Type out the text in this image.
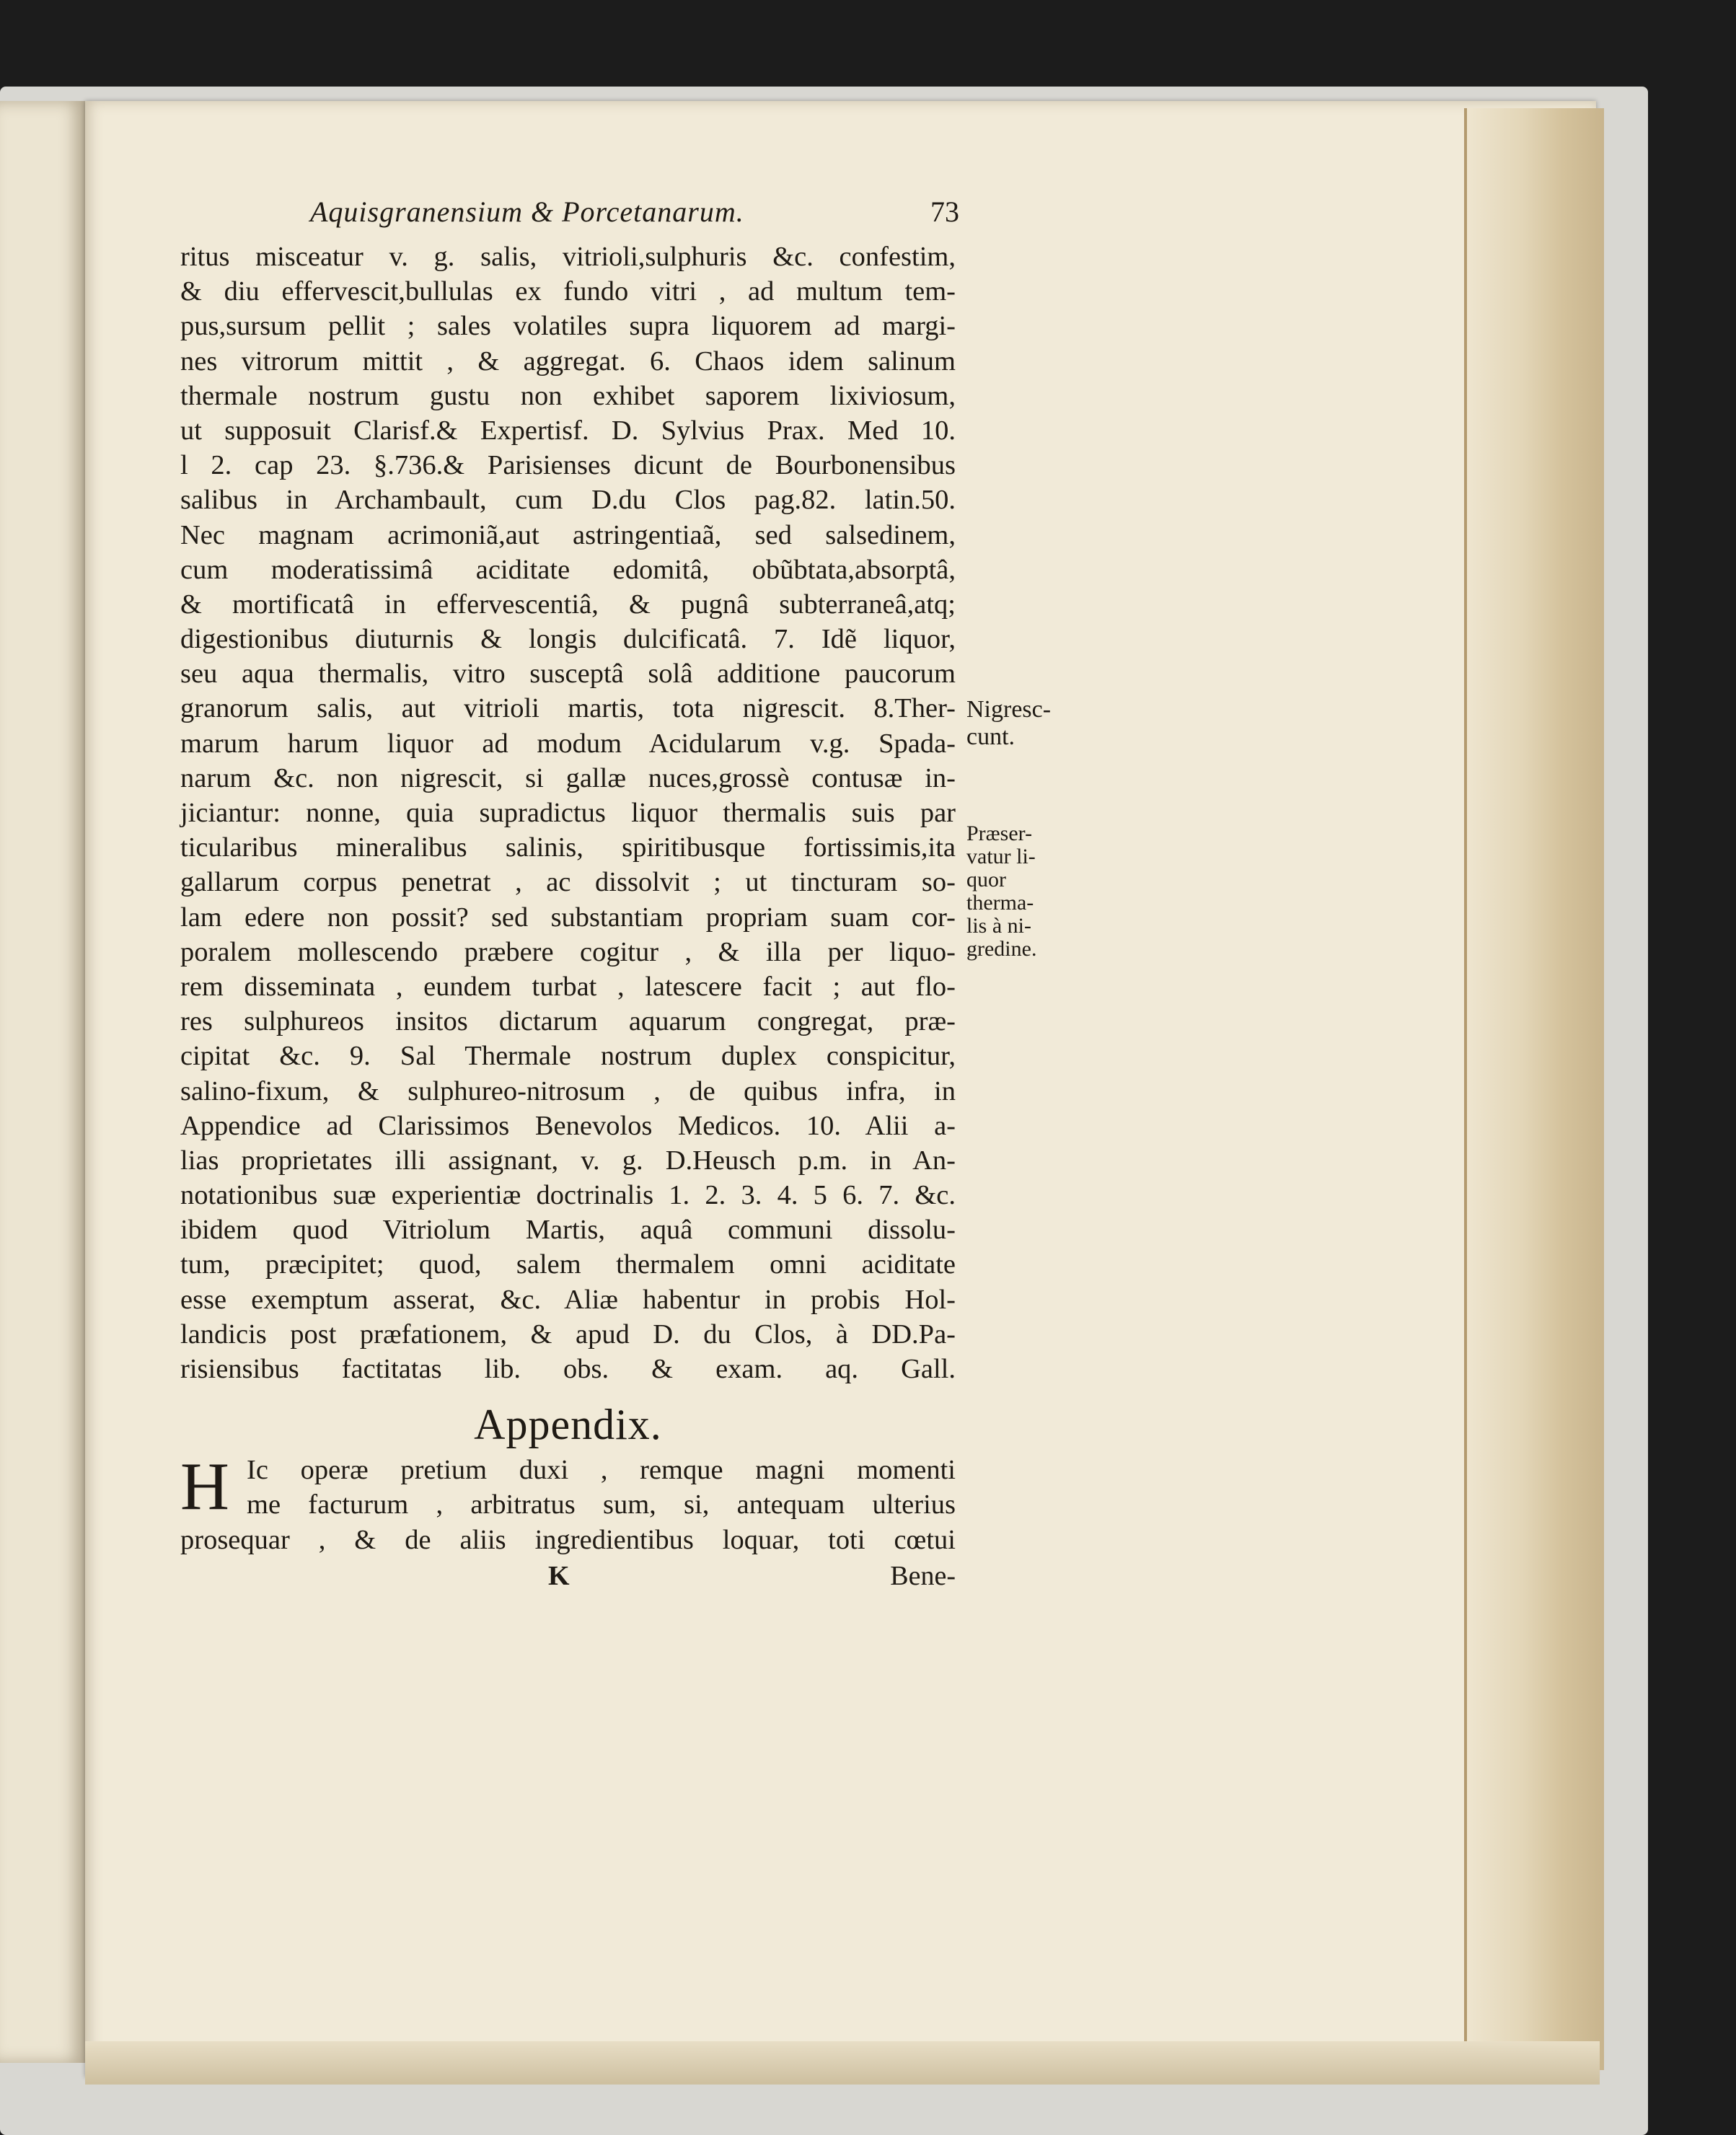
Aquisgranensium & Porcetanarum.	73
ritus misceatur v. g. salis, vitrioli,sulphuris &c. confestim,
& diu effervescit,bullulas ex fundo vitri , ad multum tem-
pus,sursum pellit ; sales volatiles supra liquorem ad margi-
nes vitrorum mittit , & aggregat. 6. Chaos idem salinum
thermale nostrum gustu non exhibet saporem lixiviosum,
ut supposuit Clarisf.& Expertisf. D. Sylvius Prax. Med 10.
l 2. cap 23. §.736.& Parisienses dicunt de Bourbonensibus
salibus in Archambault, cum D.du Clos pag.82. latin.50.
Nec magnam acrimoniã,aut astringentiaã, sed salsedinem,
cum moderatissimâ aciditate edomitâ, obũbtata,absorptâ,
& mortificatâ in effervescentiâ, & pugnâ subterraneâ,atq;
digestionibus diuturnis & longis dulcificatâ. 7. Idẽ liquor,
seu aqua thermalis, vitro susceptâ solâ additione paucorum
granorum salis, aut vitrioli martis, tota nigrescit. 8.Ther-
marum harum liquor ad modum Acidularum v.g. Spada-
narum &c. non nigrescit, si gallæ nuces,grossè contusæ in-
jiciantur: nonne, quia supradictus liquor thermalis suis par
ticularibus mineralibus salinis, spiritibusque fortissimis,ita
gallarum corpus penetrat , ac dissolvit ; ut tincturam so-
lam edere non possit? sed substantiam propriam suam cor-
poralem mollescendo præbere cogitur , & illa per liquo-
rem disseminata , eundem turbat , latescere facit ; aut flo-
res sulphureos insitos dictarum aquarum congregat, præ-
cipitat &c. 9. Sal Thermale nostrum duplex conspicitur,
salino-fixum, & sulphureo-nitrosum , de quibus infra, in
Appendice ad Clarissimos Benevolos Medicos. 10. Alii a-
lias proprietates illi assignant, v. g. D.Heusch p.m. in An-
notationibus suæ experientiæ doctrinalis 1. 2. 3. 4. 5 6. 7. &c.
ibidem quod Vitriolum Martis, aquâ communi dissolu-
tum, præcipitet; quod, salem thermalem omni aciditate
esse exemptum asserat, &c. Aliæ habentur in probis Hol-
landicis post præfationem, & apud D. du Clos, à DD.Pa-
risiensibus factitatas lib. obs. & exam. aq. Gall.
Appendix.
H Ic operæ pretium duxi , remque magni momenti
me facturum , arbitratus sum, si, antequam ulterius
prosequar , & de aliis ingredientibus loquar, toti cœtui
K	Bene-
Nigresc-
cunt.
Præser-
vatur li-
quor
therma-
lis à ni-
gredine.
